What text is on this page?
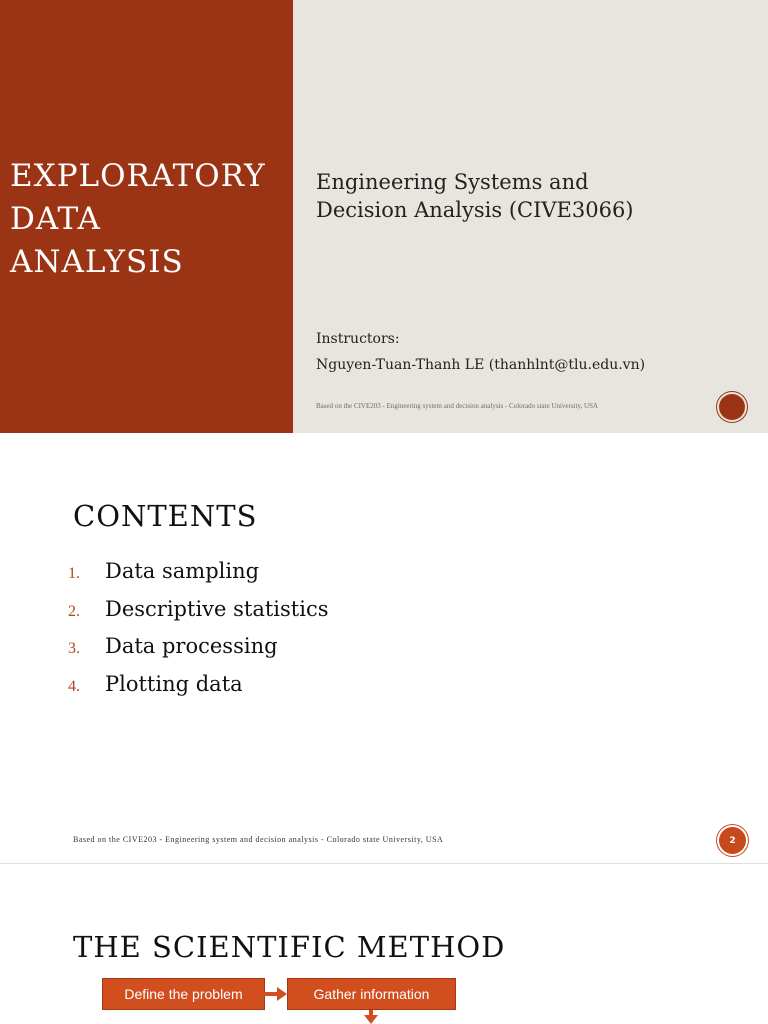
EXPLORATORY
DATA
ANALYSIS
Engineering Systems and
Decision Analysis (CIVE3066)
Instructors:
Nguyen-Tuan-Thanh LE (thanhlnt@tlu.edu.vn)
Based on the CIVE203 - Engineering system and decision analysis - Colorado state University, USA
CONTENTS
1.	Data sampling
2.	Descriptive statistics
3.	Data processing
4.	Plotting data
Based on the CIVE203 - Engineering system and decision analysis - Colorado state University, USA	2
THE SCIENTIFIC METHOD
Define the problem	Gather information
